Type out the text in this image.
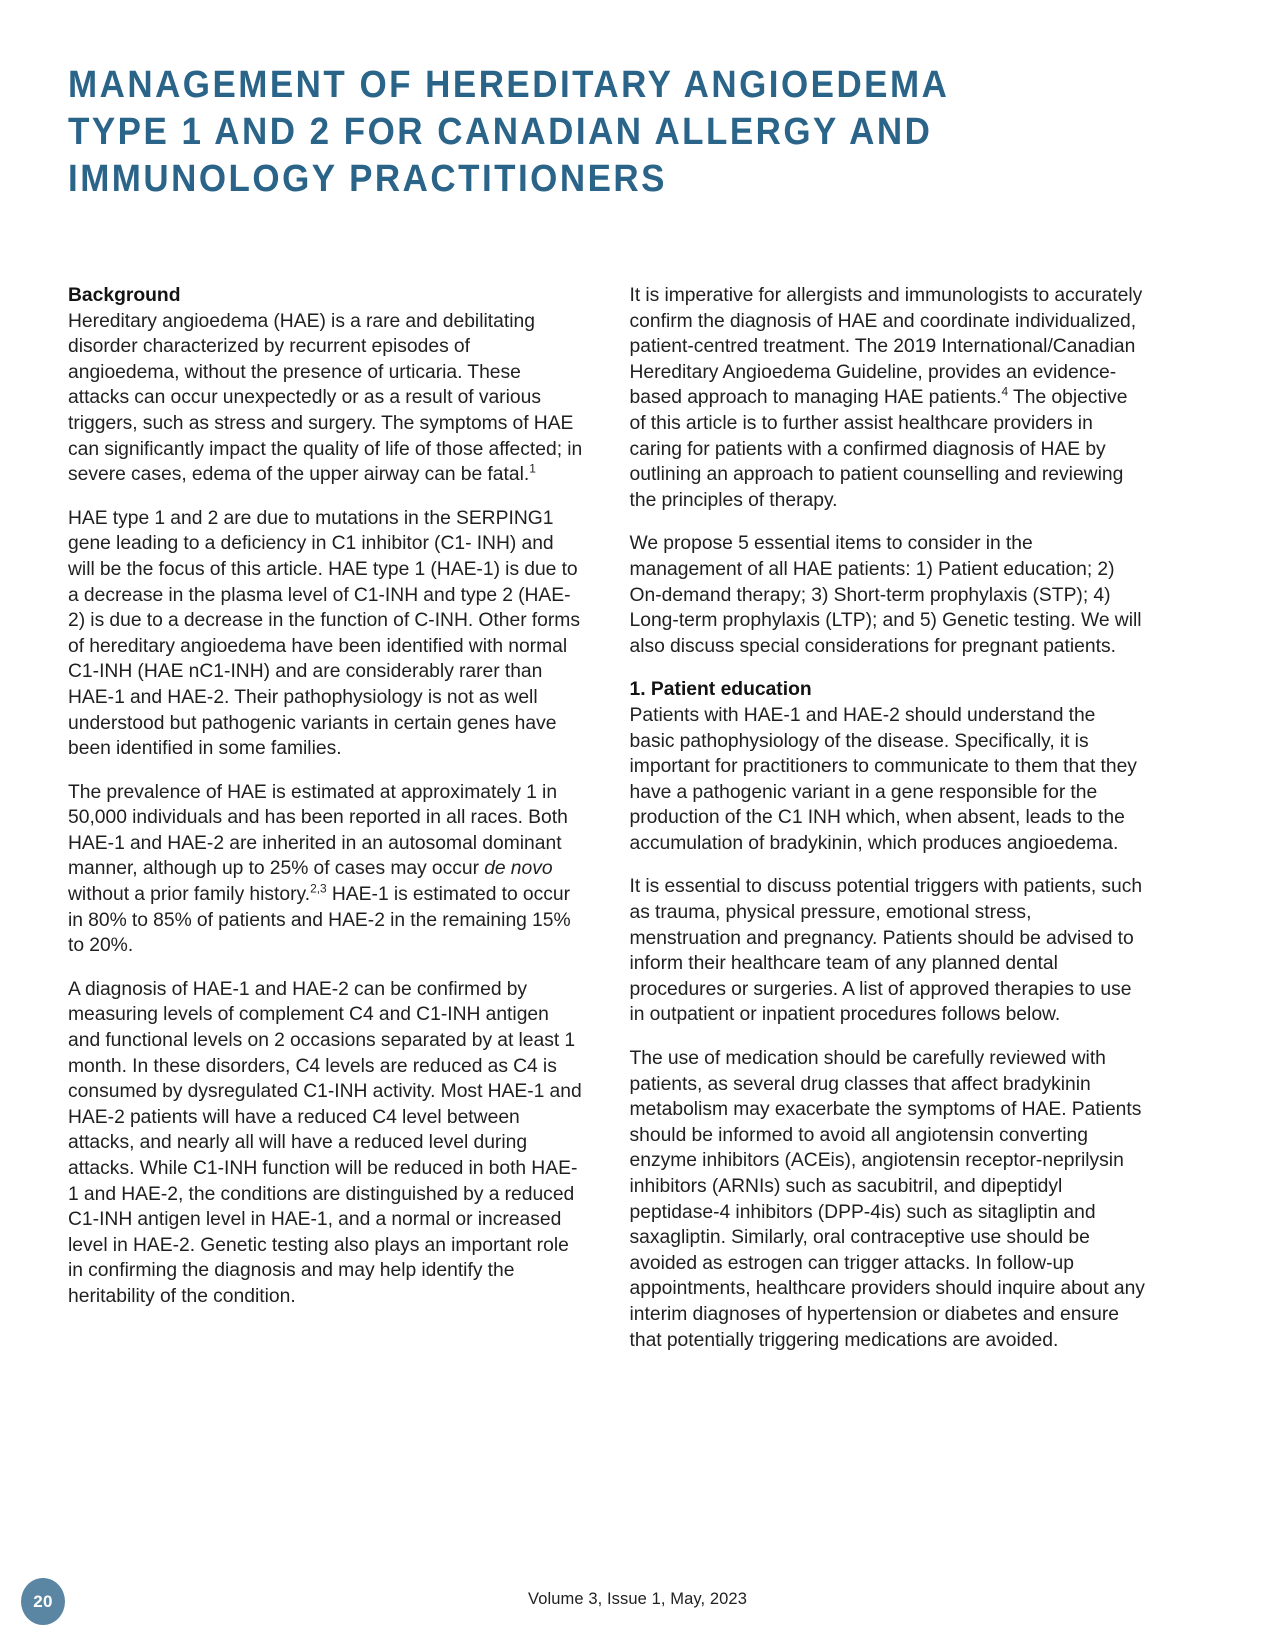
MANAGEMENT OF HEREDITARY ANGIOEDEMA TYPE 1 AND 2 FOR CANADIAN ALLERGY AND IMMUNOLOGY PRACTITIONERS
Background

Hereditary angioedema (HAE) is a rare and debilitating disorder characterized by recurrent episodes of angioedema, without the presence of urticaria. These attacks can occur unexpectedly or as a result of various triggers, such as stress and surgery. The symptoms of HAE can significantly impact the quality of life of those affected; in severe cases, edema of the upper airway can be fatal.$^1$

HAE type 1 and 2 are due to mutations in the SERPING1 gene leading to a deficiency in C1 inhibitor (C1- INH) and will be the focus of this article. HAE type 1 (HAE-1) is due to a decrease in the plasma level of C1-INH and type 2 (HAE-2) is due to a decrease in the function of C-INH. Other forms of hereditary angioedema have been identified with normal C1-INH (HAE nC1-INH) and are considerably rarer than HAE-1 and HAE-2. Their pathophysiology is not as well understood but pathogenic variants in certain genes have been identified in some families.

The prevalence of HAE is estimated at approximately 1 in 50,000 individuals and has been reported in all races. Both HAE-1 and HAE-2 are inherited in an autosomal dominant manner, although up to 25% of cases may occur de novo without a prior family history.$^{2,3}$ HAE-1 is estimated to occur in 80% to 85% of patients and HAE-2 in the remaining 15% to 20%.

A diagnosis of HAE-1 and HAE-2 can be confirmed by measuring levels of complement C4 and C1-INH antigen and functional levels on 2 occasions separated by at least 1 month. In these disorders, C4 levels are reduced as C4 is consumed by dysregulated C1-INH activity. Most HAE-1 and HAE-2 patients will have a reduced C4 level between attacks, and nearly all will have a reduced level during attacks. While C1-INH function will be reduced in both HAE-1 and HAE-2, the conditions are distinguished by a reduced C1-INH antigen level in HAE-1, and a normal or increased level in HAE-2. Genetic testing also plays an important role in confirming the diagnosis and may help identify the heritability of the condition.

It is imperative for allergists and immunologists to accurately confirm the diagnosis of HAE and coordinate individualized, patient-centred treatment. The 2019 International/Canadian Hereditary Angioedema Guideline, provides an evidence-based approach to managing HAE patients.$^4$ The objective of this article is to further assist healthcare providers in caring for patients with a confirmed diagnosis of HAE by outlining an approach to patient counselling and reviewing the principles of therapy.

We propose 5 essential items to consider in the management of all HAE patients: 1) Patient education; 2) On-demand therapy; 3) Short-term prophylaxis (STP); 4) Long-term prophylaxis (LTP); and 5) Genetic testing. We will also discuss special considerations for pregnant patients.

1. Patient education

Patients with HAE-1 and HAE-2 should understand the basic pathophysiology of the disease. Specifically, it is important for practitioners to communicate to them that they have a pathogenic variant in a gene responsible for the production of the C1 INH which, when absent, leads to the accumulation of bradykinin, which produces angioedema.

It is essential to discuss potential triggers with patients, such as trauma, physical pressure, emotional stress, menstruation and pregnancy. Patients should be advised to inform their healthcare team of any planned dental procedures or surgeries. A list of approved therapies to use in outpatient or inpatient procedures follows below.

The use of medication should be carefully reviewed with patients, as several drug classes that affect bradykinin metabolism may exacerbate the symptoms of HAE. Patients should be informed to avoid all angiotensin converting enzyme inhibitors (ACEis), angiotensin receptor-neprilysin inhibitors (ARNIs) such as sacubitril, and dipeptidyl peptidase-4 inhibitors (DPP-4is) such as sitagliptin and saxagliptin. Similarly, oral contraceptive use should be avoided as estrogen can trigger attacks. In follow-up appointments, healthcare providers should inquire about any interim diagnoses of hypertension or diabetes and ensure that potentially triggering medications are avoided.

20	Volume 3, Issue 1, May, 2023
